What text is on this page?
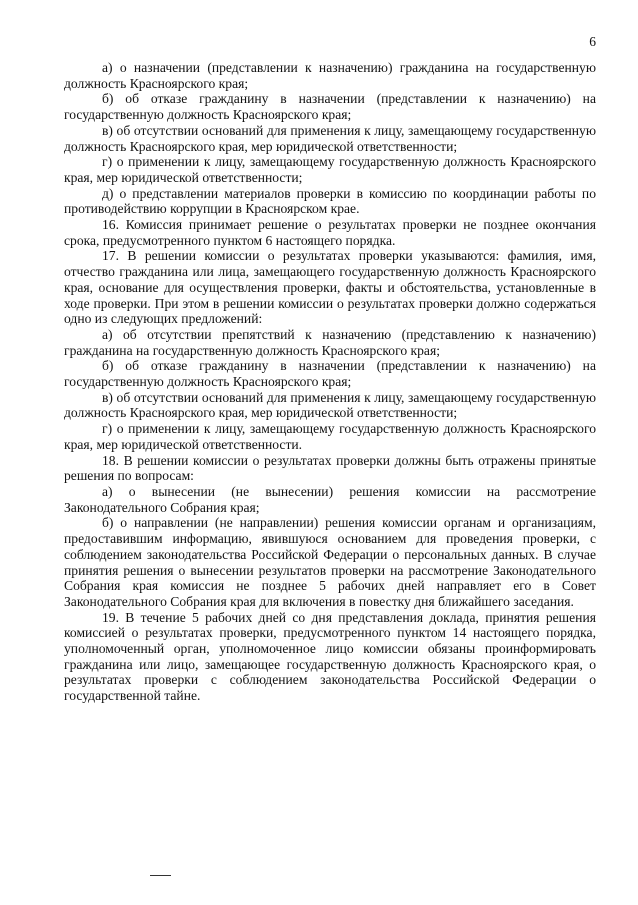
6

а) о назначении (представлении к назначению) гражданина на государственную должность Красноярского края;

б) об отказе гражданину в назначении (представлении к назначению) на государственную должность Красноярского края;

в) об отсутствии оснований для применения к лицу, замещающему государственную должность Красноярского края, мер юридической ответственности;

г) о применении к лицу, замещающему государственную должность Красноярского края, мер юридической ответственности;

д) о представлении материалов проверки в комиссию по координации работы по противодействию коррупции в Красноярском крае.

16. Комиссия принимает решение о результатах проверки не позднее окончания срока, предусмотренного пунктом 6 настоящего порядка.

17. В решении комиссии о результатах проверки указываются: фамилия, имя, отчество гражданина или лица, замещающего государственную должность Красноярского края, основание для осуществления проверки, факты и обстоятельства, установленные в ходе проверки. При этом в решении комиссии о результатах проверки должно содержаться одно из следующих предложений:

а) об отсутствии препятствий к назначению (представлению к назначению) гражданина на государственную должность Красноярского края;

б) об отказе гражданину в назначении (представлении к назначению) на государственную должность Красноярского края;

в) об отсутствии оснований для применения к лицу, замещающему государственную должность Красноярского края, мер юридической ответственности;

г) о применении к лицу, замещающему государственную должность Красноярского края, мер юридической ответственности.

18. В решении комиссии о результатах проверки должны быть отражены принятые решения по вопросам:

а) о вынесении (не вынесении) решения комиссии на рассмотрение Законодательного Собрания края;

б) о направлении (не направлении) решения комиссии органам и организациям, предоставившим информацию, явившуюся основанием для проведения проверки, с соблюдением законодательства Российской Федерации о персональных данных. В случае принятия решения о вынесении результатов проверки на рассмотрение Законодательного Собрания края комиссия не позднее 5 рабочих дней направляет его в Совет Законодательного Собрания края для включения в повестку дня ближайшего заседания.

19. В течение 5 рабочих дней со дня представления доклада, принятия решения комиссией о результатах проверки, предусмотренного пунктом 14 настоящего порядка, уполномоченный орган, уполномоченное лицо комиссии обязаны проинформировать гражданина или лицо, замещающее государственную должность Красноярского края, о результатах проверки с соблюдением законодательства Российской Федерации о государственной тайне.
